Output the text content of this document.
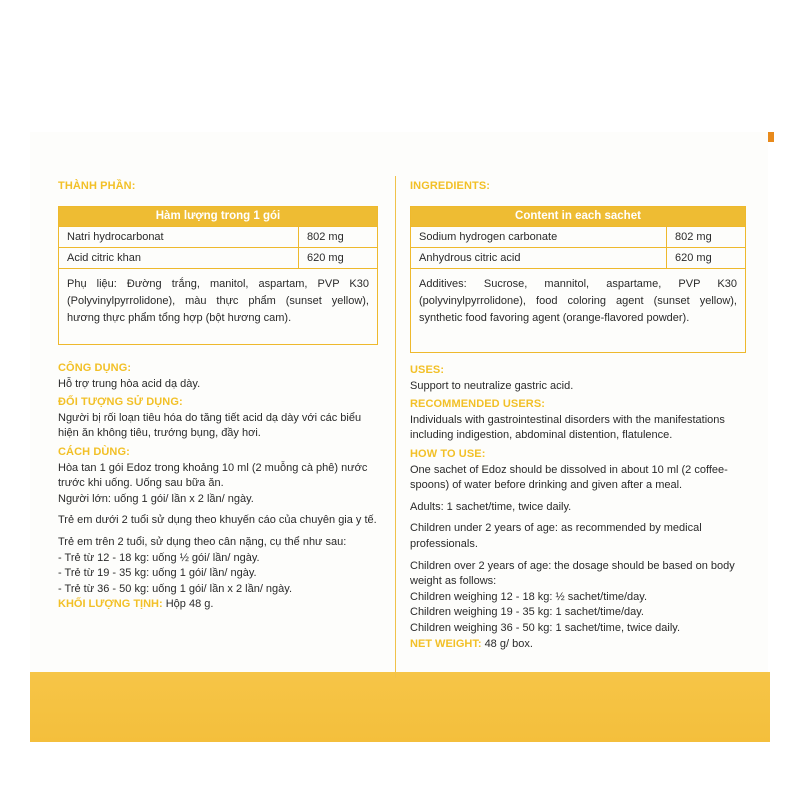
THÀNH PHẦN:
Hàm lượng trong 1 gói
Natri hydrocarbonat	802 mg
Acid citric khan	620 mg
Phụ liệu: Đường trắng, manitol, aspartam, PVP K30 (Polyvinylpyrrolidone), màu thực phẩm (sunset yellow), hương thực phẩm tổng hợp (bột hương cam).
CÔNG DỤNG:

Hỗ trợ trung hòa acid dạ dày.

ĐỐI TƯỢNG SỬ DỤNG:

Người bị rối loạn tiêu hóa do tăng tiết acid dạ dày với các biểu hiện ăn không tiêu, trướng bụng, đầy hơi.

CÁCH DÙNG:

Hòa tan 1 gói Edoz trong khoảng 10 ml (2 muỗng cà phê) nước trước khi uống. Uống sau bữa ăn.

Người lớn: uống 1 gói/ lần x 2 lần/ ngày.

Trẻ em dưới 2 tuổi sử dụng theo khuyến cáo của chuyên gia y tế.

Trẻ em trên 2 tuổi, sử dụng theo cân nặng, cụ thể như sau:

- Trẻ từ 12 - 18 kg: uống ½ gói/ lần/ ngày.

- Trẻ từ 19 - 35 kg: uống 1 gói/ lần/ ngày.

- Trẻ từ 36 - 50 kg: uống 1 gói/ lần x 2 lần/ ngày.

KHỐI LƯỢNG TỊNH: Hộp 48 g.

INGREDIENTS:
Content in each sachet
Sodium hydrogen carbonate	802 mg
Anhydrous citric acid	620 mg
Additives: Sucrose, mannitol, aspartame, PVP K30 (polyvinylpyrrolidone), food coloring agent (sunset yellow), synthetic food favoring agent (orange-flavored powder).
USES:

Support to neutralize gastric acid.

RECOMMENDED USERS:

Individuals with gastrointestinal disorders with the manifestations including indigestion, abdominal distention, flatulence.

HOW TO USE:

One sachet of Edoz should be dissolved in about 10 ml (2 coffee-spoons) of water before drinking and given after a meal.

Adults: 1 sachet/time, twice daily.

Children under 2 years of age: as recommended by medical professionals.

Children over 2 years of age: the dosage should be based on body weight as follows:

Children weighing 12 - 18 kg: ½ sachet/time/day.

Children weighing 19 - 35 kg: 1 sachet/time/day.

Children weighing 36 - 50 kg: 1 sachet/time, twice daily.

NET WEIGHT: 48 g/ box.
